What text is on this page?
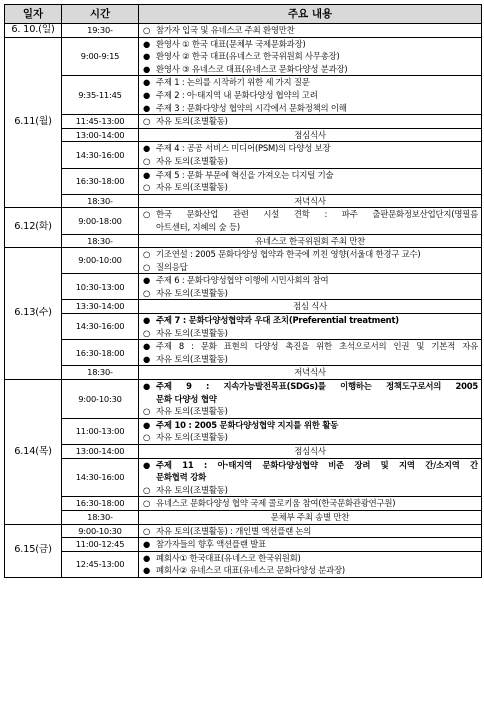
일자	시간	주요 내용
6. 10.(일)	19:30-	○ 참가자 입국 및 유네스코 주최 환영만찬

6.11(월)	9:00-9:15	● 환영사 ① 한국 대표(문체부 국제문화과장)
● 환영사 ② 한국 대표(유네스코 한국위원회 사무총장)
● 환영사 ③ 유네스코 대표(유네스코 문화다양성 분과장)

	9:35-11:45	● 주제 1 : 논의를 시작하기 위한 세 가지 질문
● 주제 2 : 아·태지역 내 문화다양성 협약의 고려
● 주제 3 : 문화다양성 협약의 시각에서 문화정책의 이해

	11:45-13:00	○ 자유 토의(조별활동)

	13:00-14:00	점심식사
	14:30-16:00	● 주제 4 : 공공 서비스 미디어(PSM)의 다양성 보장
○ 자유 토의(조별활동)

	16:30-18:00	● 주제 5 : 문화 부문에 혁신을 가져오는 디지털 기술
○ 자유 토의(조별활동)

	18:30-	저녁식사
6.12(화)	9:00-18:00	○ 한국 문화산업 관련 시설 견학 : 파주 출판문화정보산업단지(명필름
아트센터, 지혜의 숲 등)

	18:30-	유네스코 한국위원회 주최 만찬
6.13(수)	9:00-10:00	○ 기조연설 : 2005 문화다양성 협약과 한국에 끼친 영향(서울대 한경구 교수)
○ 질의응답

	10:30-13:00	● 주제 6 : 문화다양성협약 이행에 시민사회의 참여
○ 자유 토의(조별활동)

	13:30-14:00	점심 식사
	14:30-16:00	● 주제 7 : 문화다양성협약과 우대 조치(Preferential treatment)
○ 자유 토의(조별활동)

	16:30-18:00	● 주제 8 : 문화 표현의 다양성 촉진을 위한 초석으로서의 인권 및 기본적 자유
● 자유 토의(조별활동)

	18:30-	저녁식사
6.14(목)	9:00-10:30	● 주제 9 : 지속가능발전목표(SDGs)를 이행하는 정책도구로서의 2005
문화 다양성 협약
○ 자유 토의(조별활동)

	11:00-13:00	● 주제 10 : 2005 문화다양성협약 지지를 위한 활동
○ 자유 토의(조별활동)

	13:00-14:00	점심식사
	14:30-16:00	● 주제 11 : 아·태지역 문화다양성협약 비준 장려 및 지역 간/소지역 간
문화협력 강화
○ 자유 토의(조별활동)

	16:30-18:00	○ 유네스코 문화다양성 협약 국제 콜로키움 참여(한국문화관광연구원)

	18:30-	문체부 주최 송별 만찬
6.15(금)	9:00-10:30	○ 자유 토의(조별활동) : 개인별 액션플랜 논의

	11:00-12:45	● 참가자들의 향후 액션플랜 발표

	12:45-13:00	● 폐회사① 한국대표(유네스코 한국위원회)
● 폐회사② 유네스코 대표(유네스코 문화다양성 분과장)
